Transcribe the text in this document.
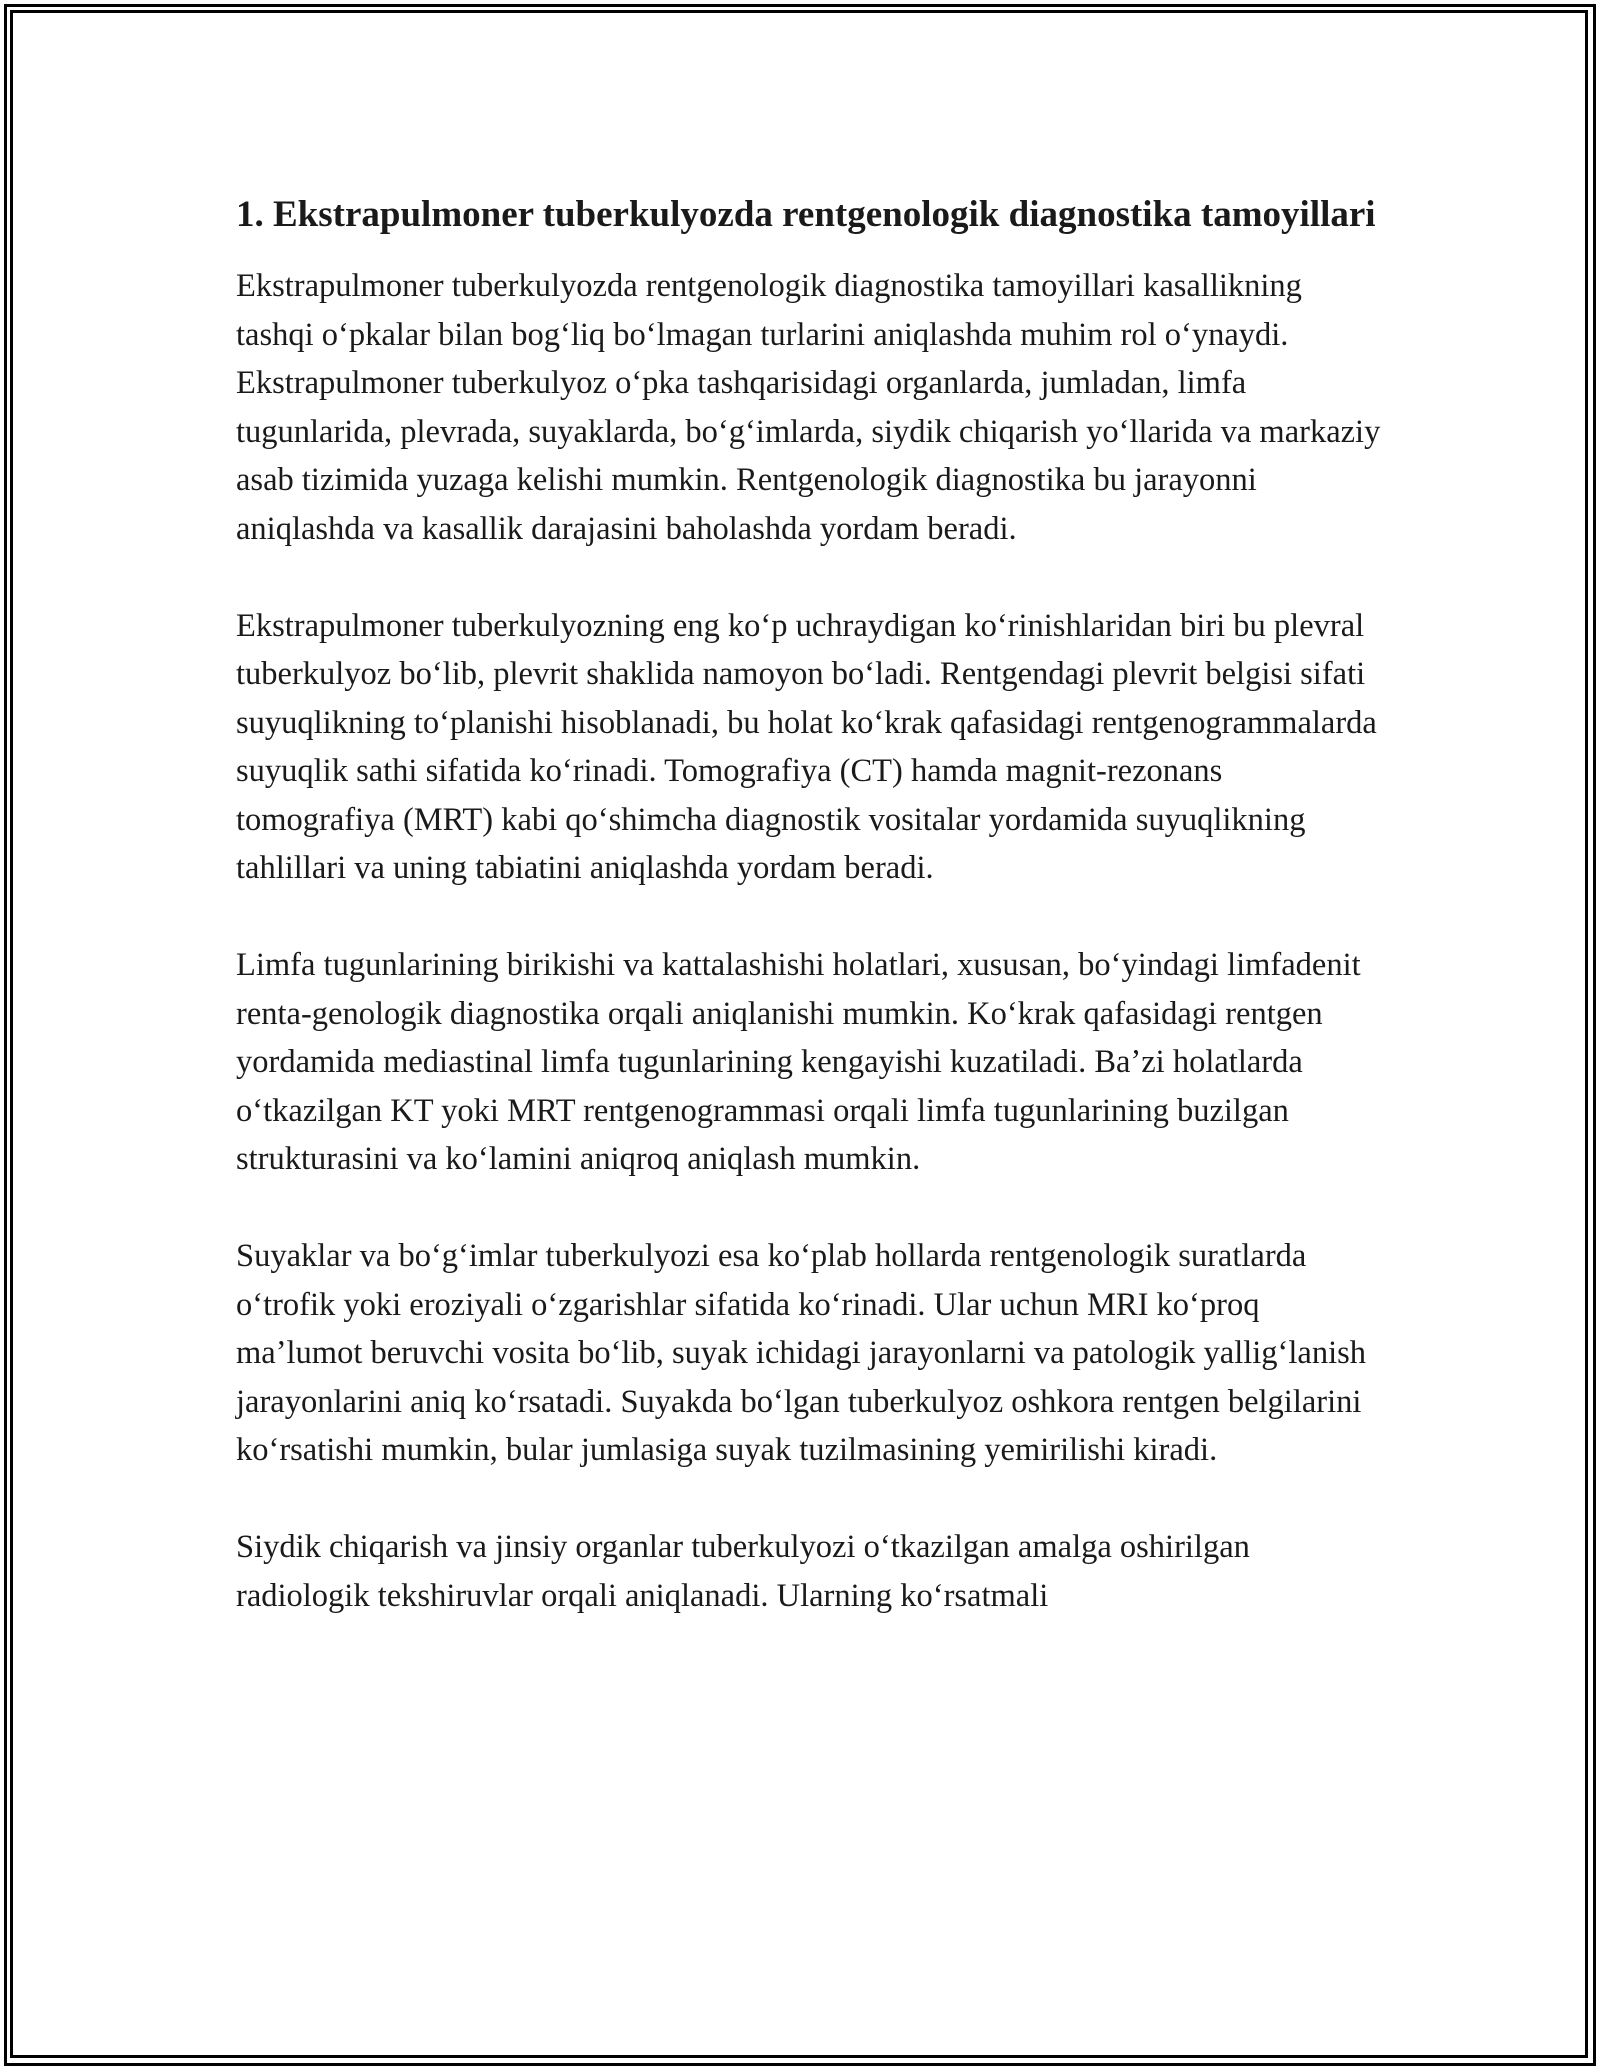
1. Ekstrapulmoner tuberkulyozda rentgenologik diagnostika tamoyillari

Ekstrapulmoner tuberkulyozda rentgenologik diagnostika tamoyillari kasallikning tashqi oʻpkalar bilan bogʻliq boʻlmagan turlarini aniqlashda muhim rol oʻynaydi. Ekstrapulmoner tuberkulyoz oʻpka tashqarisidagi organlarda, jumladan, limfa tugunlarida, plevrada, suyaklarda, boʻgʻimlarda, siydik chiqarish yoʻllarida va markaziy asab tizimida yuzaga kelishi mumkin. Rentgenologik diagnostika bu jarayonni aniqlashda va kasallik darajasini baholashda yordam beradi.

Ekstrapulmoner tuberkulyozning eng koʻp uchraydigan koʻrinishlaridan biri bu plevral tuberkulyoz boʻlib, plevrit shaklida namoyon boʻladi. Rentgendagi plevrit belgisi sifati suyuqlikning toʻplanishi hisoblanadi, bu holat koʻkrak qafasidagi rentgenogrammalarda suyuqlik sathi sifatida koʻrinadi. Tomografiya (CT) hamda magnit-rezonans tomografiya (MRT) kabi qoʻshimcha diagnostik vositalar yordamida suyuqlikning tahlillari va uning tabiatini aniqlashda yordam beradi.

Limfa tugunlarining birikishi va kattalashishi holatlari, xususan, boʻyindagi limfadenit renta-genologik diagnostika orqali aniqlanishi mumkin. Koʻkrak qafasidagi rentgen yordamida mediastinal limfa tugunlarining kengayishi kuzatiladi. Baʼzi holatlarda oʻtkazilgan KT yoki MRT rentgenogrammasi orqali limfa tugunlarining buzilgan strukturasini va koʻlamini aniqroq aniqlash mumkin.

Suyaklar va boʻgʻimlar tuberkulyozi esa koʻplab hollarda rentgenologik suratlarda oʻtrofik yoki eroziyali oʻzgarishlar sifatida koʻrinadi. Ular uchun MRI koʻproq maʼlumot beruvchi vosita boʻlib, suyak ichidagi jarayonlarni va patologik yalligʻlanish jarayonlarini aniq koʻrsatadi. Suyakda boʻlgan tuberkulyoz oshkora rentgen belgilarini koʻrsatishi mumkin, bular jumlasiga suyak tuzilmasining yemirilishi kiradi.

Siydik chiqarish va jinsiy organlar tuberkulyozi oʻtkazilgan amalga oshirilgan radiologik tekshiruvlar orqali aniqlanadi. Ularning koʻrsatmali
